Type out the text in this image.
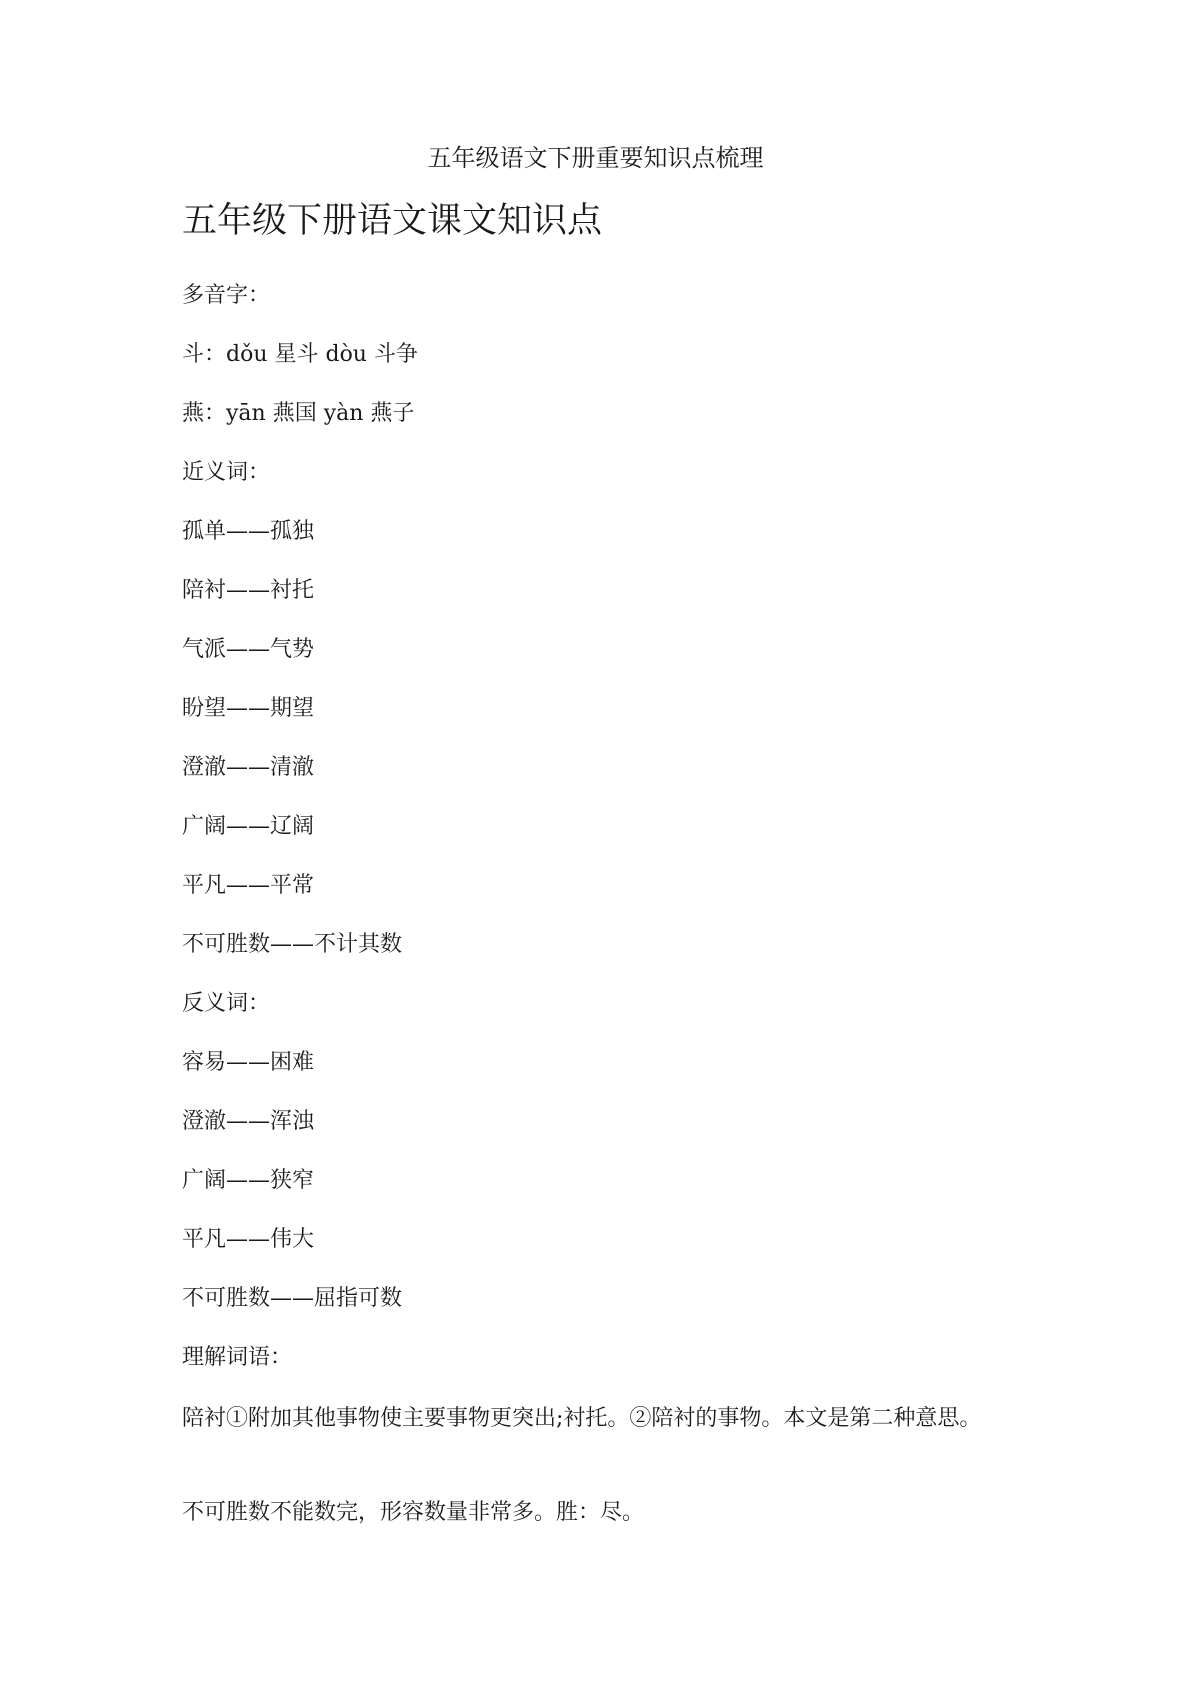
五年级语文下册重要知识点梳理
五年级下册语文课文知识点
多音字：
斗：dǒu 星斗 dòu 斗争
燕：yān 燕国 yàn 燕子
近义词：
孤单——孤独
陪衬——衬托
气派——气势
盼望——期望
澄澈——清澈
广阔——辽阔
平凡——平常
不可胜数——不计其数
反义词：
容易——困难
澄澈——浑浊
广阔——狭窄
平凡——伟大
不可胜数——屈指可数
理解词语：

陪衬①附加其他事物使主要事物更突出;衬托。②陪衬的事物。本文是第二种意思。

不可胜数不能数完，形容数量非常多。胜：尽。
